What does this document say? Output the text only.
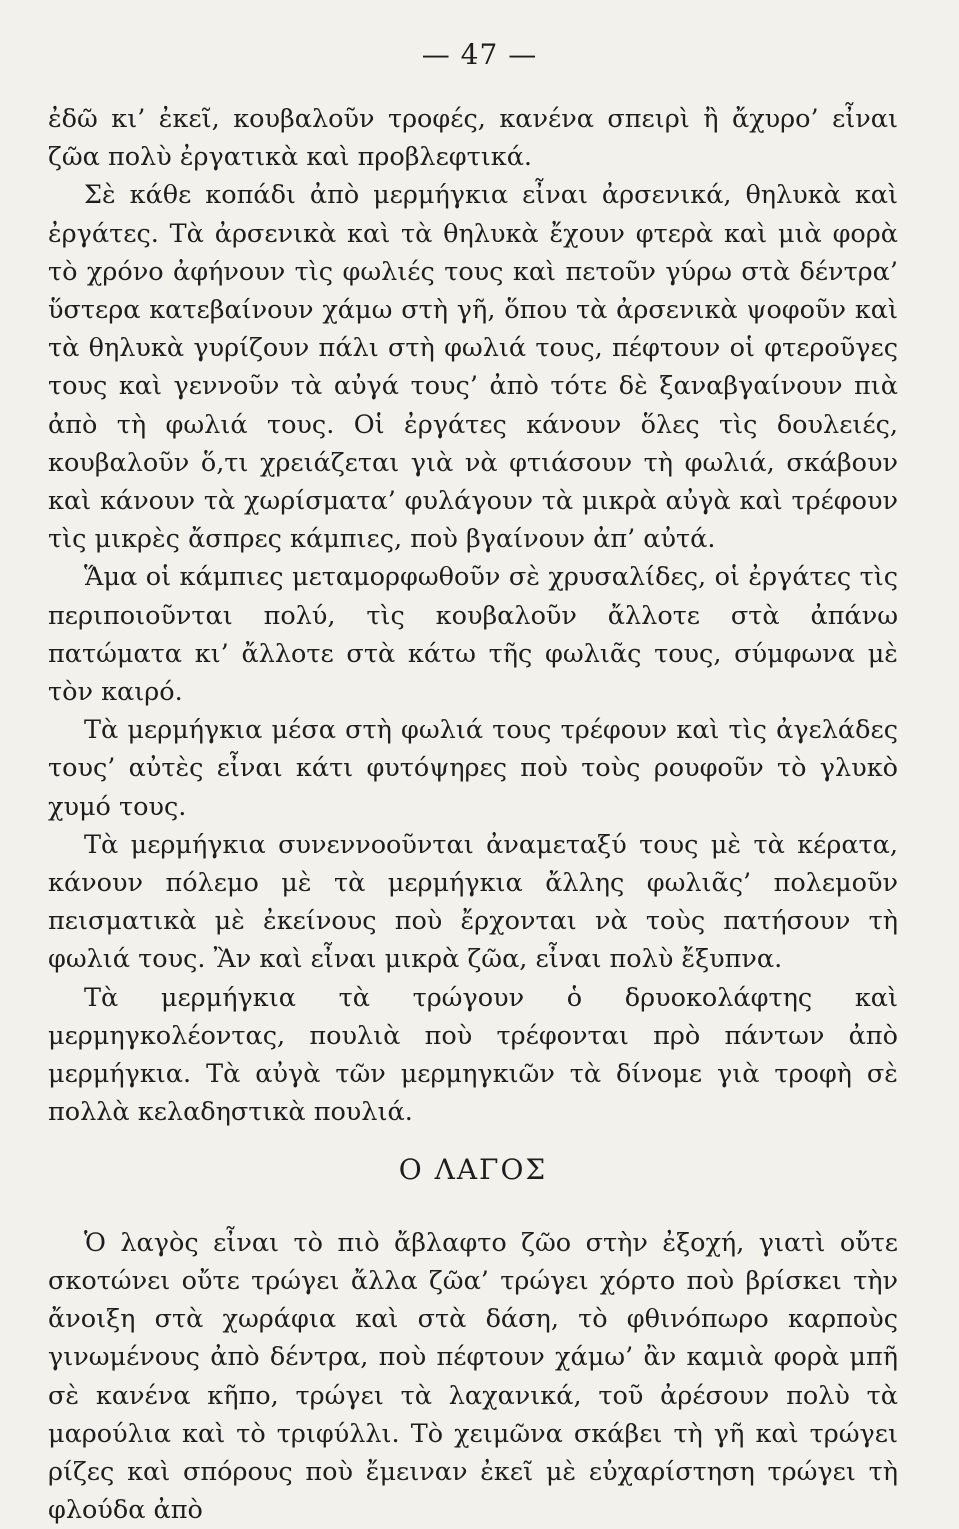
— 47 —

ἐδῶ κι’ ἐκεῖ, κουβαλοῦν τροφές, κανένα σπειρὶ ἢ ἄχυρο’ εἶναι ζῶα πολὺ ἐργατικὰ καὶ προβλεφτικά.

Σὲ κάθε κοπάδι ἀπὸ μερμήγκια εἶναι ἀρσενικά, θηλυκὰ καὶ ἐργάτες. Τὰ ἀρσενικὰ καὶ τὰ θηλυκὰ ἔχουν φτερὰ καὶ μιὰ φορὰ τὸ χρόνο ἀφήνουν τὶς φωλιές τους καὶ πετοῦν γύρω στὰ δέντρα’ ὕστερα κατεβαίνουν χάμω στὴ γῆ, ὅπου τὰ ἀρσενικὰ ψοφοῦν καὶ τὰ θηλυκὰ γυρίζουν πάλι στὴ φωλιά τους, πέφτουν οἱ φτεροῦγες τους καὶ γεννοῦν τὰ αὐγά τους’ ἀπὸ τότε δὲ ξαναβγαίνουν πιὰ ἀπὸ τὴ φωλιά τους. Οἱ ἐργάτες κάνουν ὅλες τὶς δουλειές, κουβαλοῦν ὅ,τι χρειάζεται γιὰ νὰ φτιάσουν τὴ φωλιά, σκάβουν καὶ κάνουν τὰ χωρίσματα’ φυλάγουν τὰ μικρὰ αὐγὰ καὶ τρέφουν τὶς μικρὲς ἄσπρες κάμπιες, ποὺ βγαίνουν ἀπ’ αὐτά.

Ἅμα οἱ κάμπιες μεταμορφωθοῦν σὲ χρυσαλίδες, οἱ ἐργάτες τὶς περιποιοῦνται πολύ, τὶς κουβαλοῦν ἄλλοτε στὰ ἀπάνω πατώματα κι’ ἄλλοτε στὰ κάτω τῆς φωλιᾶς τους, σύμφωνα μὲ τὸν καιρό.

Τὰ μερμήγκια μέσα στὴ φωλιά τους τρέφουν καὶ τὶς ἀγελάδες τους’ αὐτὲς εἶναι κάτι φυτόψηρες ποὺ τοὺς ρουφοῦν τὸ γλυκὸ χυμό τους.

Τὰ μερμήγκια συνεννοοῦνται ἀναμεταξύ τους μὲ τὰ κέρατα, κάνουν πόλεμο μὲ τὰ μερμήγκια ἄλλης φωλιᾶς’ πολεμοῦν πεισματικὰ μὲ ἐκείνους ποὺ ἔρχονται νὰ τοὺς πατήσουν τὴ φωλιά τους. Ἂν καὶ εἶναι μικρὰ ζῶα, εἶναι πολὺ ἔξυπνα.

Τὰ μερμήγκια τὰ τρώγουν ὁ δρυοκολάφτης καὶ μερμηγκολέοντας, πουλιὰ ποὺ τρέφονται πρὸ πάντων ἀπὸ μερμήγκια. Τὰ αὐγὰ τῶν μερμηγκιῶν τὰ δίνομε γιὰ τροφὴ σὲ πολλὰ κελαδηστικὰ πουλιά.

Ο ΛΑΓΟΣ

Ὁ λαγὸς εἶναι τὸ πιὸ ἄβλαφτο ζῶο στὴν ἐξοχή, γιατὶ οὔτε σκοτώνει οὔτε τρώγει ἄλλα ζῶα’ τρώγει χόρτο ποὺ βρίσκει τὴν ἄνοιξη στὰ χωράφια καὶ στὰ δάση, τὸ φθινόπωρο καρποὺς γινωμένους ἀπὸ δέντρα, ποὺ πέφτουν χάμω’ ἂν καμιὰ φορὰ μπῆ σὲ κανένα κῆπο, τρώγει τὰ λαχανικά, τοῦ ἀρέσουν πολὺ τὰ μαρούλια καὶ τὸ τριφύλλι. Τὸ χειμῶνα σκάβει τὴ γῆ καὶ τρώγει ρίζες καὶ σπόρους ποὺ ἔμειναν ἐκεῖ μὲ εὐχαρίστηση τρώγει τὴ φλούδα ἀπὸ
